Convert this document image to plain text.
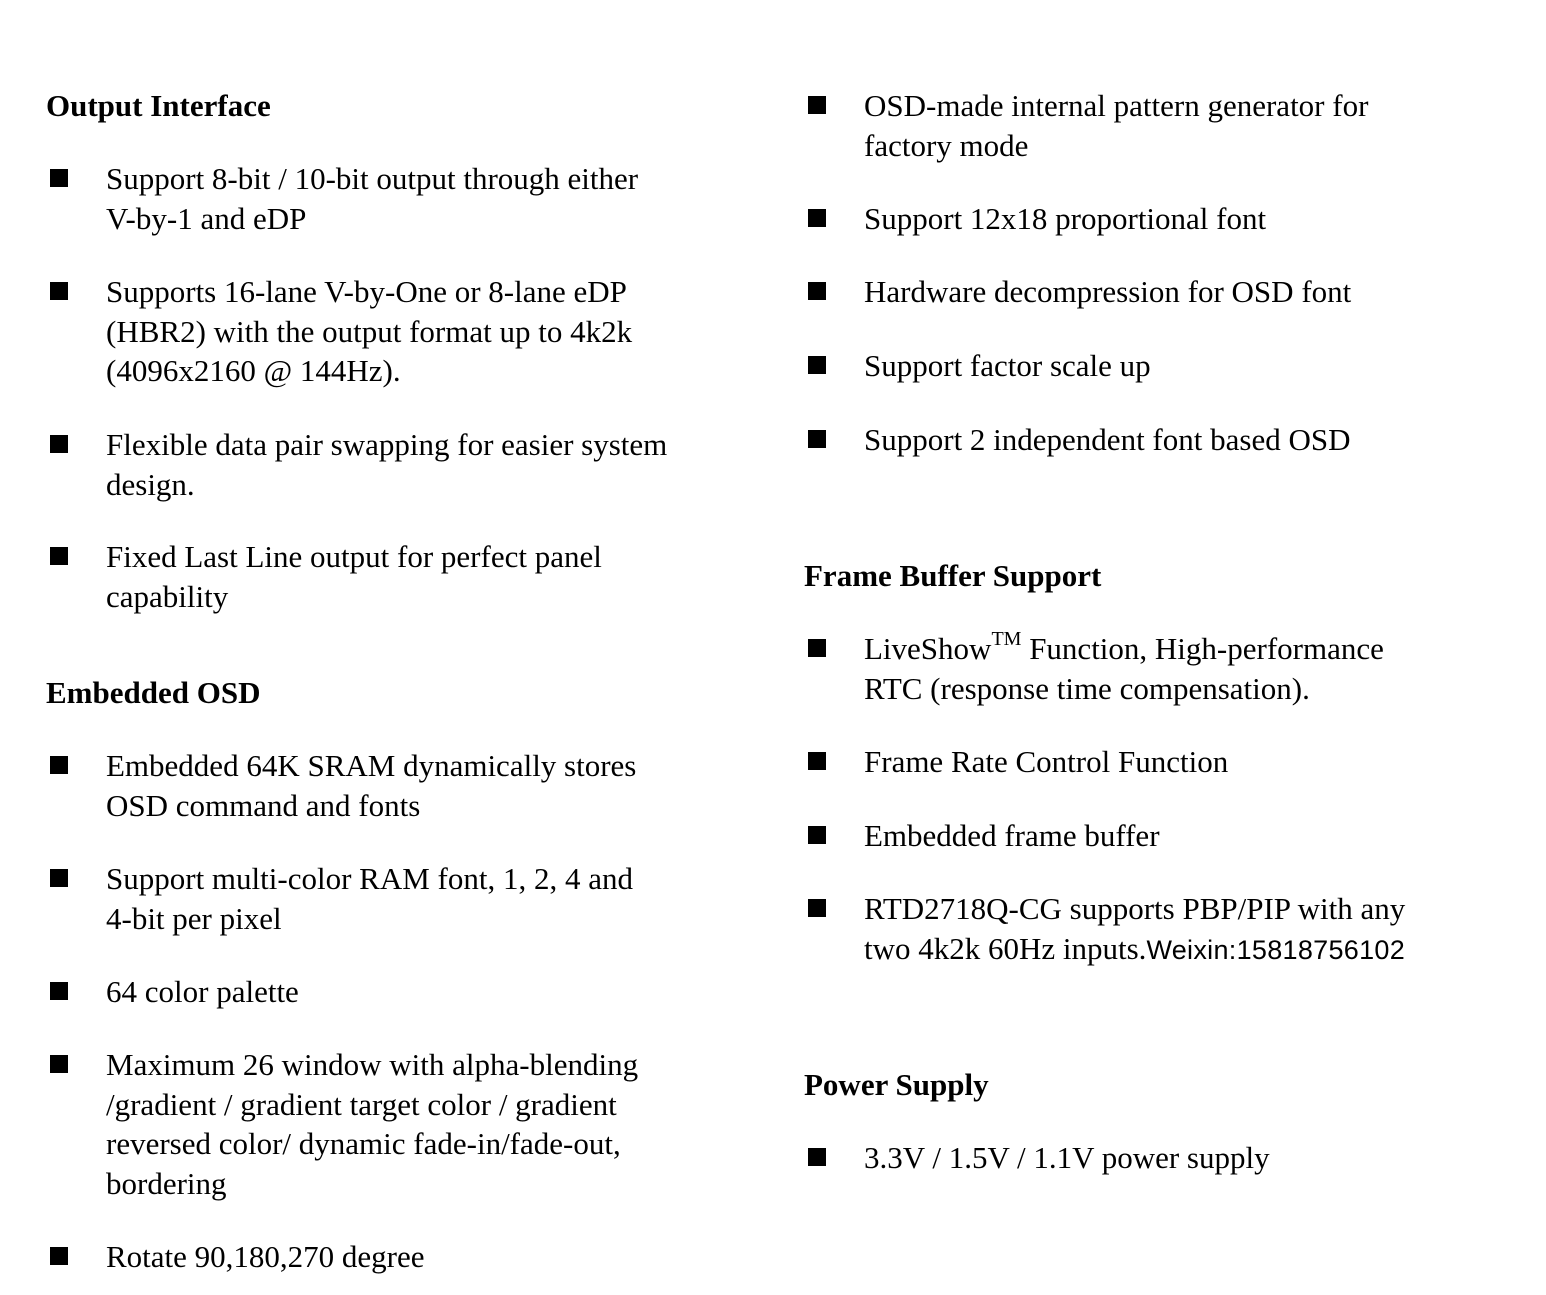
Output Interface
Support 8-bit / 10-bit output through either
V-by-1 and eDP
Supports 16-lane V-by-One or 8-lane eDP
(HBR2) with the output format up to 4k2k
(4096x2160 @ 144Hz).
Flexible data pair swapping for easier system
design.
Fixed Last Line output for perfect panel
capability
Embedded OSD
Embedded 64K SRAM dynamically stores
OSD command and fonts
Support multi-color RAM font, 1, 2, 4 and
4-bit per pixel
64 color palette
Maximum 26 window with alpha-blending
/gradient / gradient target color / gradient
reversed color/ dynamic fade-in/fade-out,
bordering
Rotate 90,180,270 degree
OSD-made internal pattern generator for
factory mode
Support 12x18 proportional font
Hardware decompression for OSD font
Support factor scale up
Support 2 independent font based OSD
Frame Buffer Support
LiveShow™ Function, High-performance
RTC (response time compensation).
Frame Rate Control Function
Embedded frame buffer
RTD2718Q-CG supports PBP/PIP with any
two 4k2k 60Hz inputs.Weixin:15818756102
Power Supply
3.3V / 1.5V / 1.1V power supply
